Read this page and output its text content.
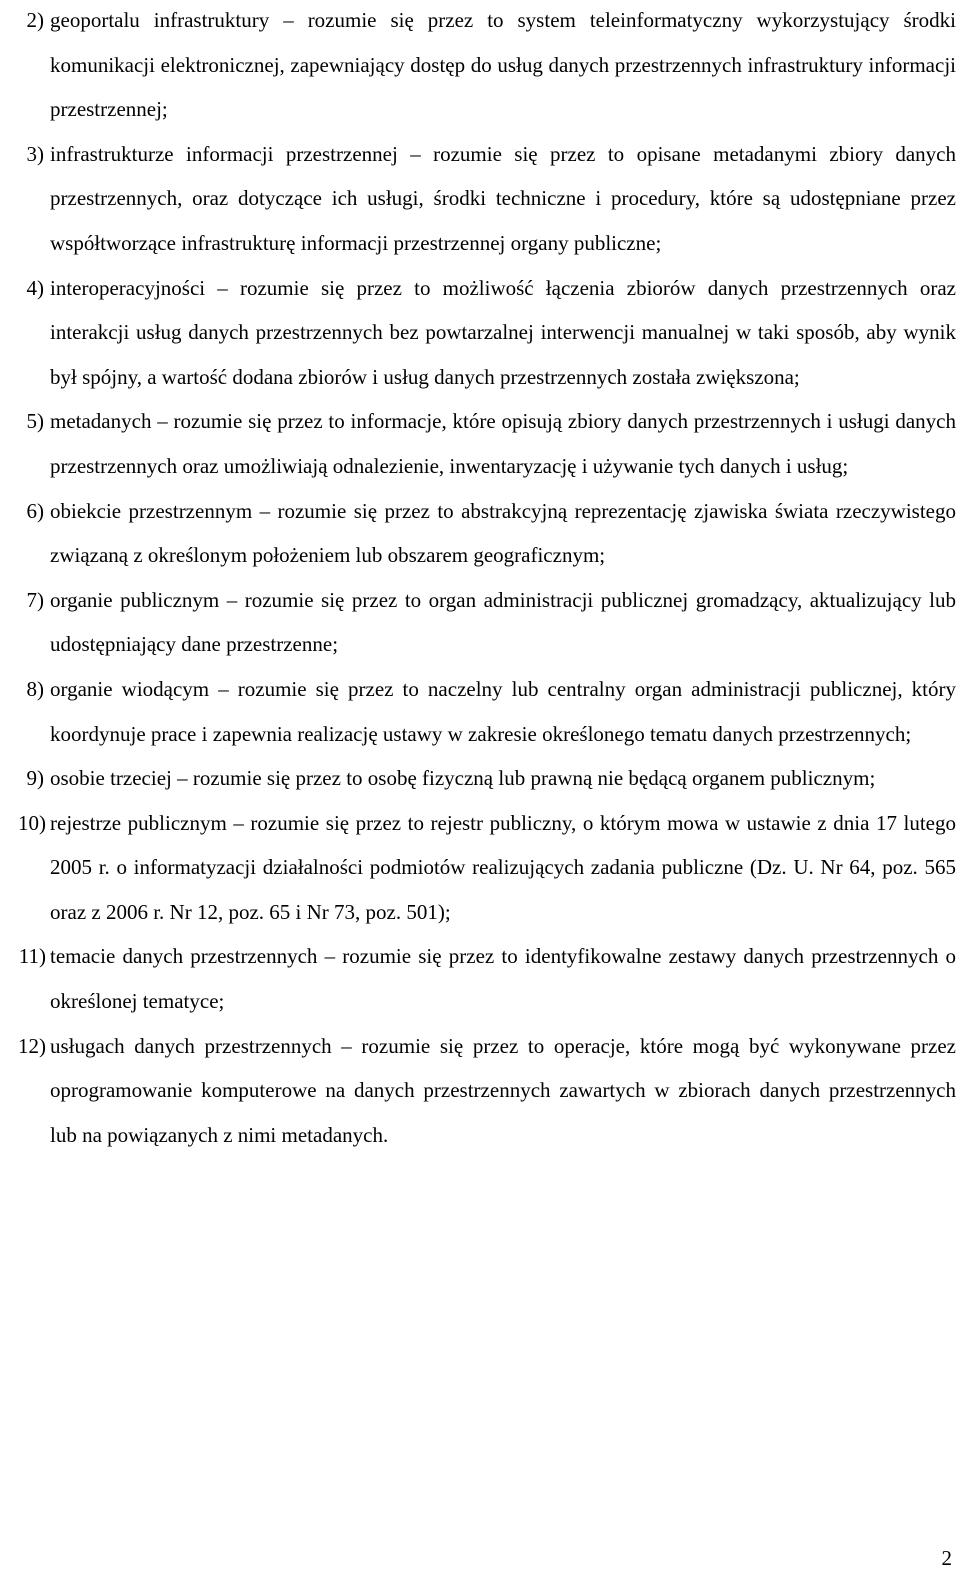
2) geoportalu infrastruktury – rozumie się przez to system teleinformatyczny wykorzystujący środki komunikacji elektronicznej, zapewniający dostęp do usług danych przestrzennych infrastruktury informacji przestrzennej;
3) infrastrukturze informacji przestrzennej – rozumie się przez to opisane metadanymi zbiory danych przestrzennych, oraz dotyczące ich usługi, środki techniczne i procedury, które są udostępniane przez współtworzące infrastrukturę informacji przestrzennej organy publiczne;
4) interoperacyjności – rozumie się przez to możliwość łączenia zbiorów danych przestrzennych oraz interakcji usług danych przestrzennych bez powtarzalnej interwencji manualnej w taki sposób, aby wynik był spójny, a wartość dodana zbiorów i usług danych przestrzennych została zwiększona;
5) metadanych – rozumie się przez to informacje, które opisują zbiory danych przestrzennych i usługi danych przestrzennych oraz umożliwiają odnalezienie, inwentaryzację i używanie tych danych i usług;
6) obiekcie przestrzennym – rozumie się przez to abstrakcyjną reprezentację zjawiska świata rzeczywistego związaną z określonym położeniem lub obszarem geograficznym;
7) organie publicznym – rozumie się przez to organ administracji publicznej gromadzący, aktualizujący lub udostępniający dane przestrzenne;
8) organie wiodącym – rozumie się przez to naczelny lub centralny organ administracji publicznej, który koordynuje prace i zapewnia realizację ustawy w zakresie określonego tematu danych przestrzennych;
9) osobie trzeciej – rozumie się przez to osobę fizyczną lub prawną nie będącą organem publicznym;
10) rejestrze publicznym – rozumie się przez to rejestr publiczny, o którym mowa w ustawie z dnia 17 lutego 2005 r. o informatyzacji działalności podmiotów realizujących zadania publiczne (Dz. U. Nr 64, poz. 565 oraz z 2006 r. Nr 12, poz. 65 i Nr 73, poz. 501);
11) temacie danych przestrzennych – rozumie się przez to identyfikowalne zestawy danych przestrzennych o określonej tematyce;
12) usługach danych przestrzennych – rozumie się przez to operacje, które mogą być wykonywane przez oprogramowanie komputerowe na danych przestrzennych zawartych w zbiorach danych przestrzennych lub na powiązanych z nimi metadanych.
2
